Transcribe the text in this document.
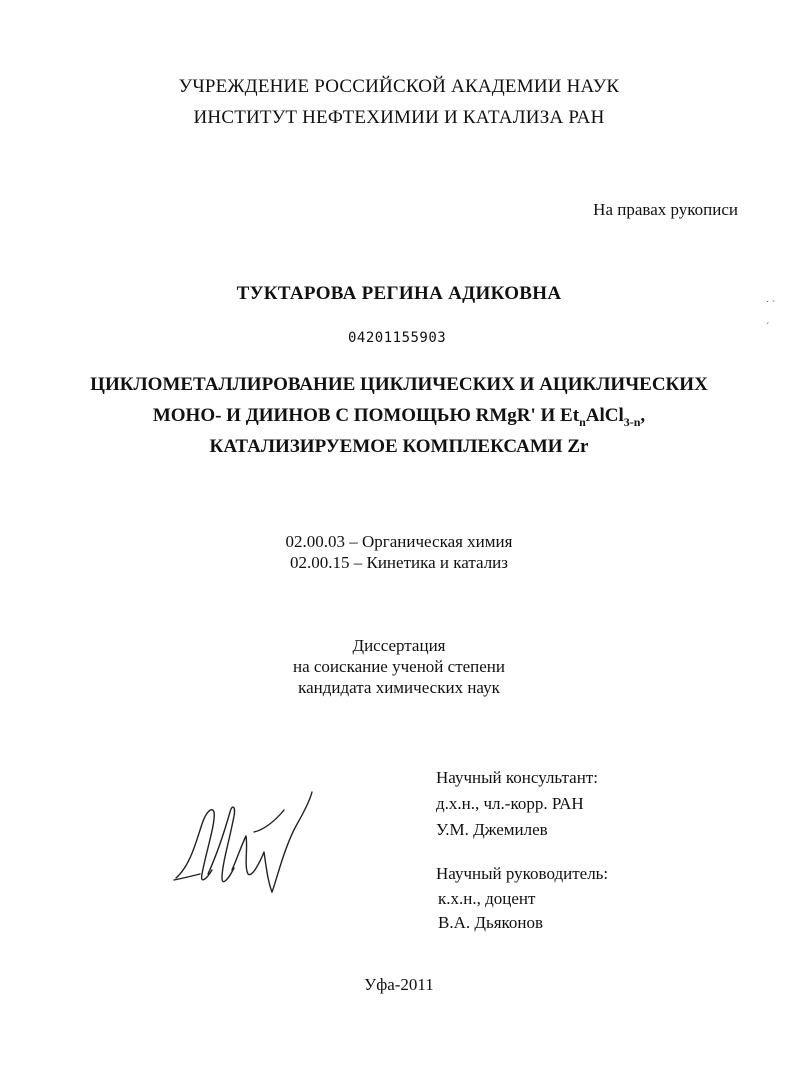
УЧРЕЖДЕНИЕ РОССИЙСКОЙ АКАДЕМИИ НАУК
ИНСТИТУТ НЕФТЕХИМИИ И КАТАЛИЗА РАН
На правах рукописи
ТУКТАРОВА РЕГИНА АДИКОВНА
04201155903
˙ ˋ

ˊ
ЦИКЛОМЕТАЛЛИРОВАНИЕ ЦИКЛИЧЕСКИХ И АЦИКЛИЧЕСКИХ
МОНО- И ДИИНОВ С ПОМОЩЬЮ RMgR' И $Et_nAlCl_{3-n}$,
КАТАЛИЗИРУЕМОЕ КОМПЛЕКСАМИ Zr
02.00.03 – Органическая химия
02.00.15 – Кинетика и катализ
Диссертация
на соискание ученой степени
кандидата химических наук
Научный консультант:
д.х.н., чл.-корр. РАН
У.М. Джемилев
Научный руководитель:
к.х.н., доцент
В.А. Дьяконов
Уфа-2011
